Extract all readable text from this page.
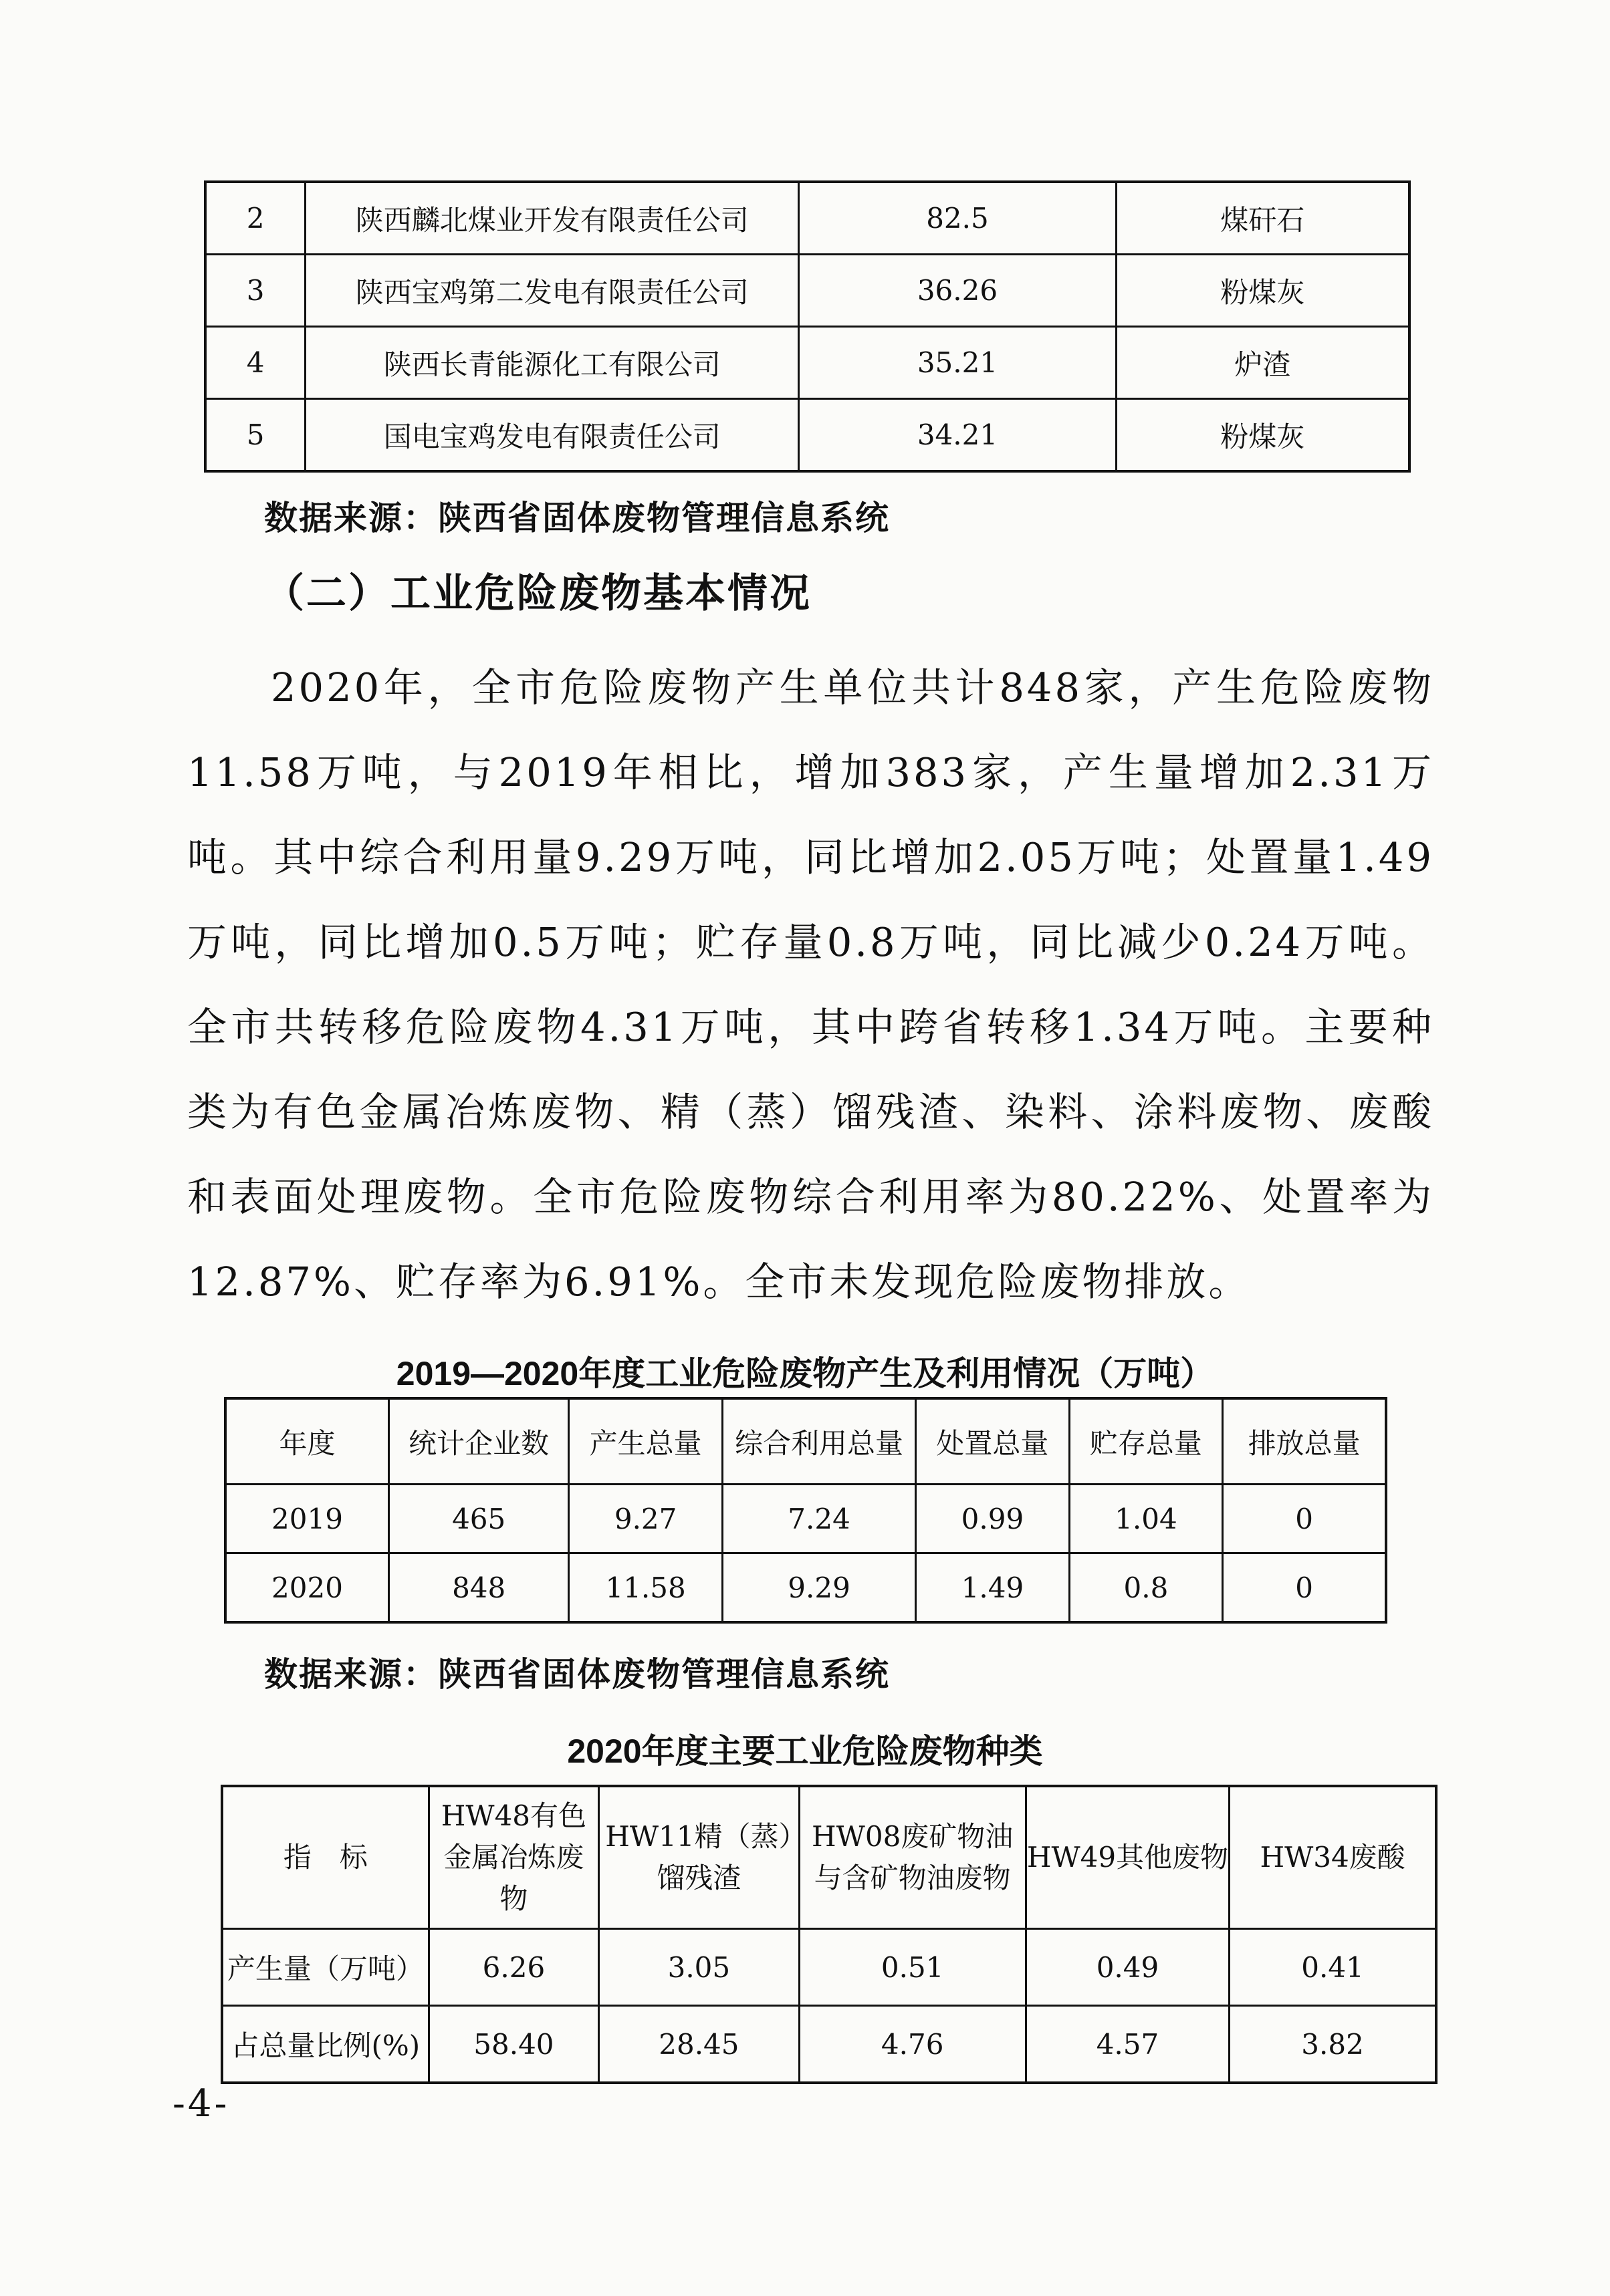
2	陕西麟北煤业开发有限责任公司	82.5	煤矸石
3	陕西宝鸡第二发电有限责任公司	36.26	粉煤灰
4	陕西长青能源化工有限公司	35.21	炉渣
5	国电宝鸡发电有限责任公司	34.21	粉煤灰
数据来源：陕西省固体废物管理信息系统
（二）工业危险废物基本情况

2020年，全市危险废物产生单位共计848家，产生危险废物11.58万吨，与2019年相比，增加383家，产生量增加2.31万吨。其中综合利用量9.29万吨，同比增加2.05万吨；处置量1.49万吨，同比增加0.5万吨；贮存量0.8万吨，同比减少0.24万吨。全市共转移危险废物4.31万吨，其中跨省转移1.34万吨。主要种类为有色金属冶炼废物、精（蒸）馏残渣、染料、涂料废物、废酸和表面处理废物。全市危险废物综合利用率为80.22%、处置率为12.87%、贮存率为6.91%。全市未发现危险废物排放。

2019—2020年度工业危险废物产生及利用情况（万吨）
年度	统计企业数	产生总量	综合利用总量	处置总量	贮存总量	排放总量
2019	465	9.27	7.24	0.99	1.04	0
2020	848	11.58	9.29	1.49	0.8	0
数据来源：陕西省固体废物管理信息系统
2020年度主要工业危险废物种类
指　标	HW48有色金属冶炼废物	HW11精（蒸）馏残渣	HW08废矿物油与含矿物油废物	HW49其他废物	HW34废酸
产生量（万吨）	6.26	3.05	0.51	0.49	0.41
占总量比例(%)	58.40	28.45	4.76	4.57	3.82
-4-
